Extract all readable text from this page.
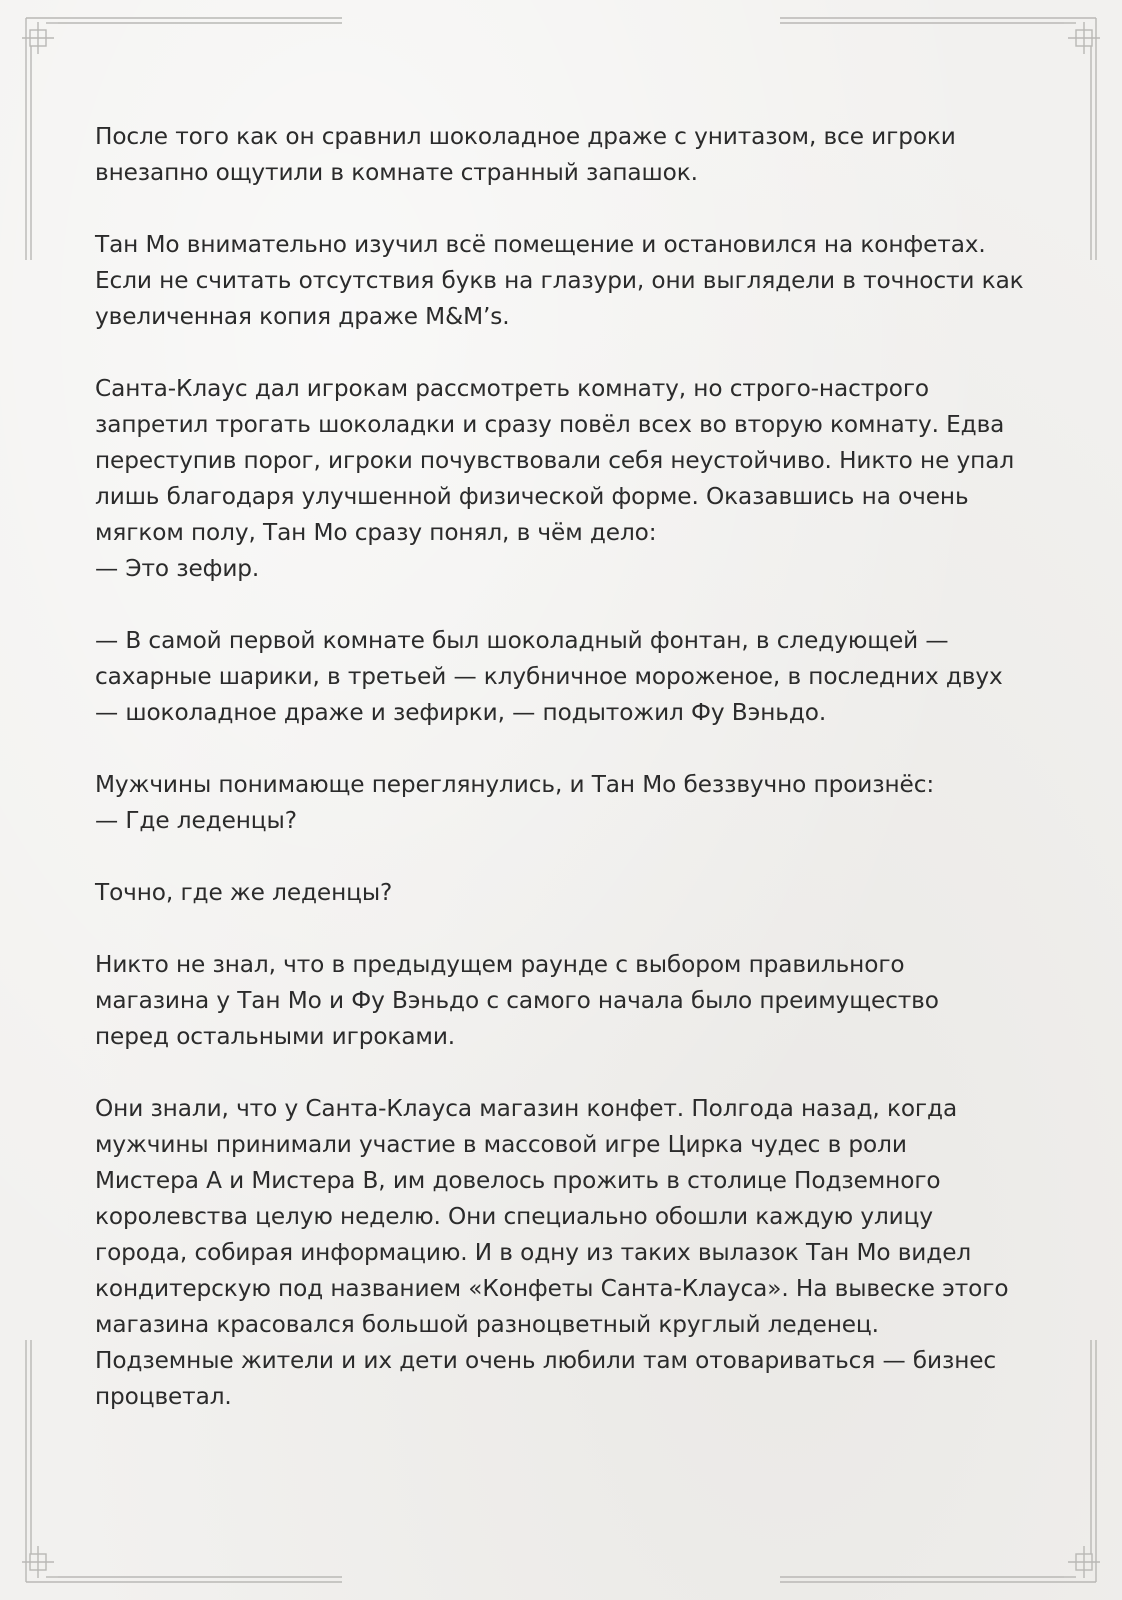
После того как он сравнил шоколадное драже с унитазом, все игроки
внезапно ощутили в комнате странный запашок.

Тан Мо внимательно изучил всё помещение и остановился на конфетах.
Если не считать отсутствия букв на глазури, они выглядели в точности как
увеличенная копия драже M&M’s.

Санта-Клаус дал игрокам рассмотреть комнату, но строго-настрого
запретил трогать шоколадки и сразу повёл всех во вторую комнату. Едва
переступив порог, игроки почувствовали себя неустойчиво. Никто не упал
лишь благодаря улучшенной физической форме. Оказавшись на очень
мягком полу, Тан Мо сразу понял, в чём дело:
— Это зефир.

— В самой первой комнате был шоколадный фонтан, в следующей —
сахарные шарики, в третьей — клубничное мороженое, в последних двух
— шоколадное драже и зефирки, — подытожил Фу Вэньдо.

Мужчины понимающе переглянулись, и Тан Мо беззвучно произнёс:
— Где леденцы?

Точно, где же леденцы?

Никто не знал, что в предыдущем раунде с выбором правильного
магазина у Тан Мо и Фу Вэньдо с самого начала было преимущество
перед остальными игроками.

Они знали, что у Санта-Клауса магазин конфет. Полгода назад, когда
мужчины принимали участие в массовой игре Цирка чудес в роли
Мистера А и Мистера B, им довелось прожить в столице Подземного
королевства целую неделю. Они специально обошли каждую улицу
города, собирая информацию. И в одну из таких вылазок Тан Мо видел
кондитерскую под названием «Конфеты Санта-Клауса». На вывеске этого
магазина красовался большой разноцветный круглый леденец.
Подземные жители и их дети очень любили там отовариваться — бизнес
процветал.
